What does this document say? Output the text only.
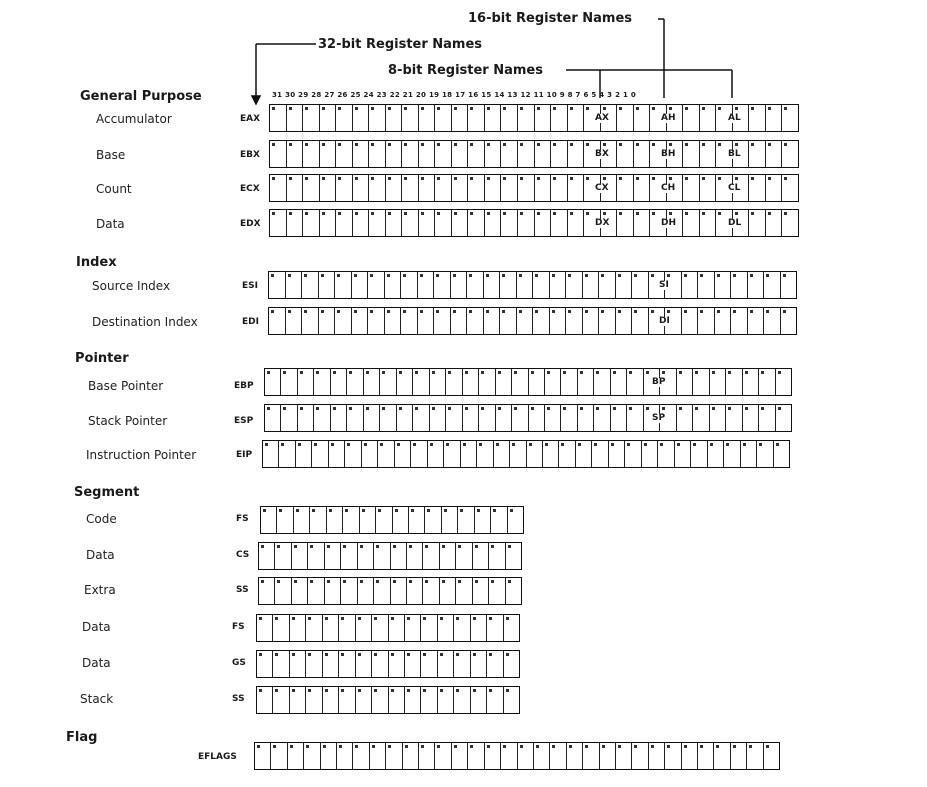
16-bit Register Names
32-bit Register Names
8-bit Register Names
31 30 29 28 27 26 25 24 23 22 21 20 19 18 17 16 15 14 13 12 11 10 9 8 7 6 5 4 3 2 1 0
General Purpose
Index
Pointer
Segment
Flag
Accumulator	EAX	AX	AH	AL
Base	EBX	BX	BH	BL
Count	ECX	CX	CH	CL
Data	EDX	DX	DH	DL
Source Index	ESI	SI
Destination Index	EDI	DI
Base Pointer	EBP	BP
Stack Pointer	ESP	SP
Instruction Pointer	EIP
Code	FS
Data	CS
Extra	SS
Data	FS
Data	GS
Stack	SS
EFLAGS
